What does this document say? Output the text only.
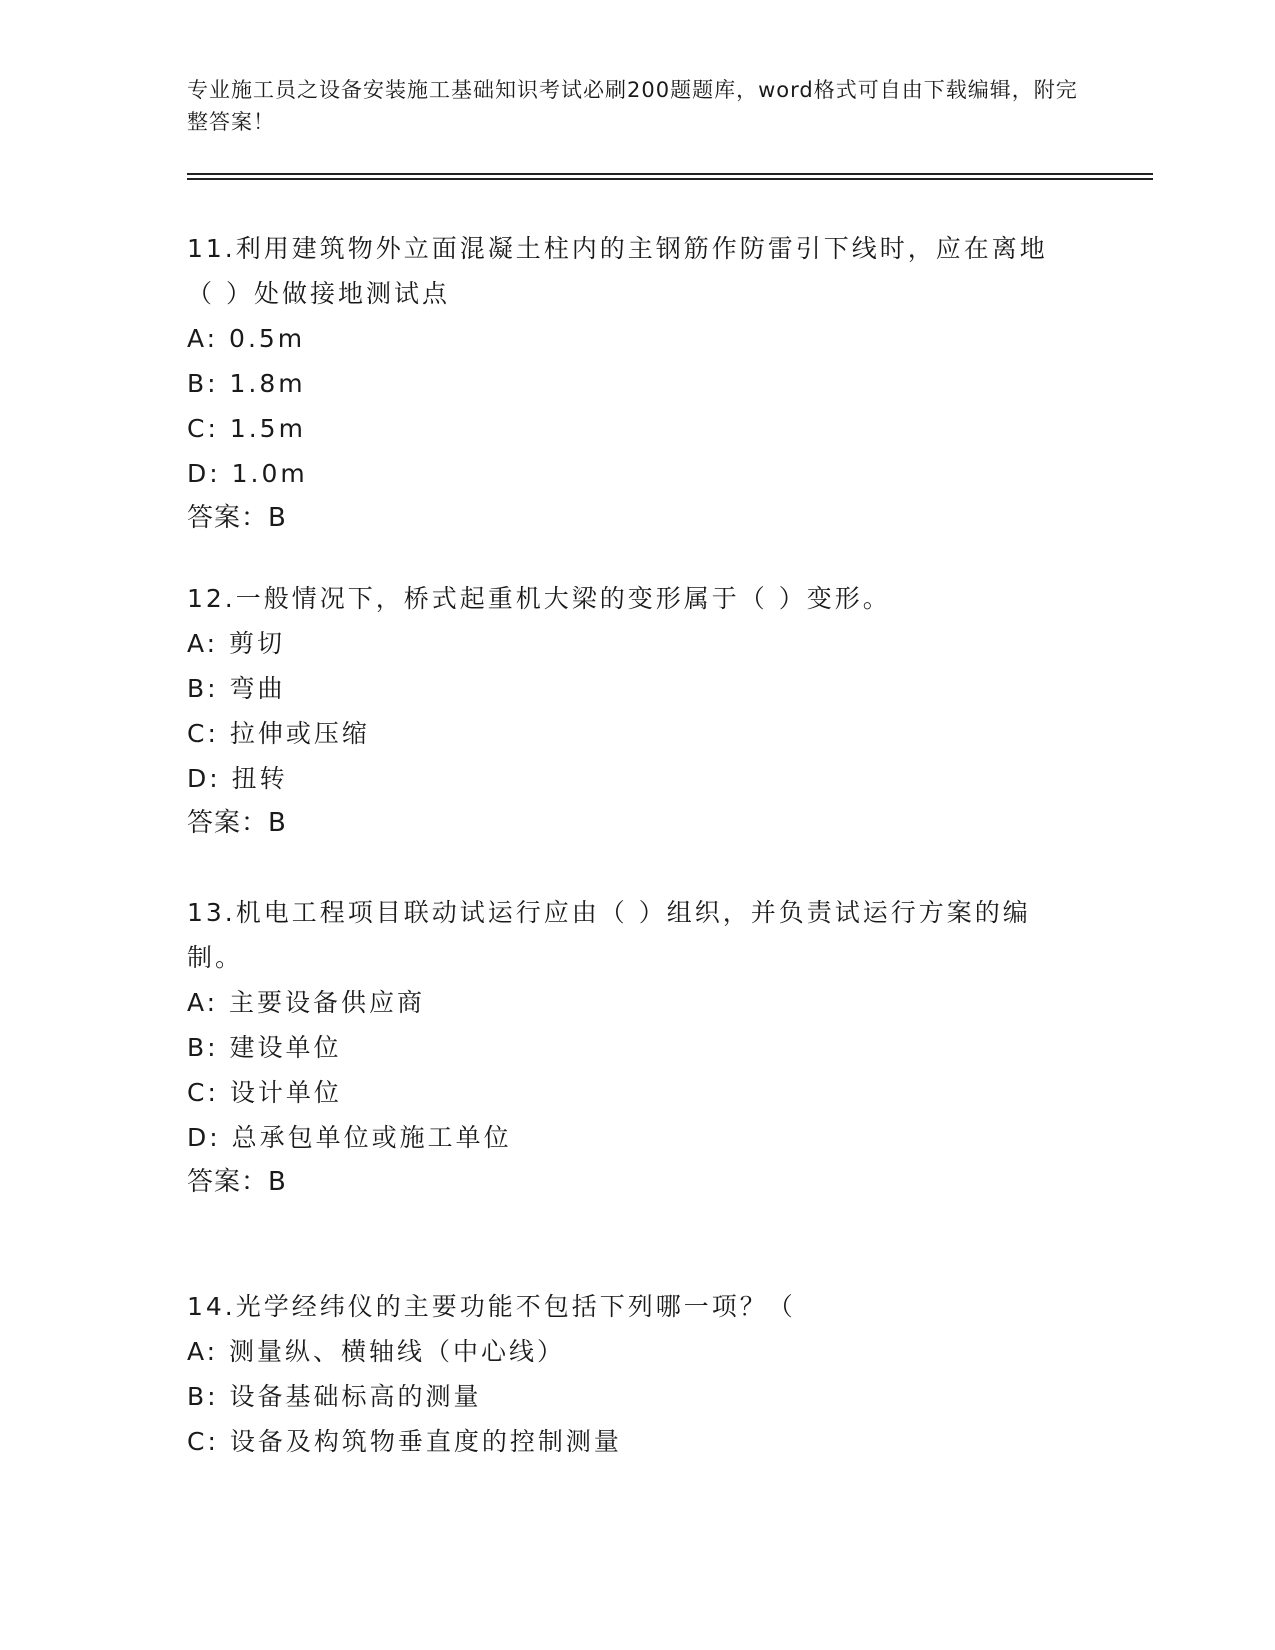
专业施工员之设备安装施工基础知识考试必刷200题题库，word格式可自由下载编辑，附完整答案！
11.利用建筑物外立面混凝土柱内的主钢筋作防雷引下线时，应在离地（ ）处做接地测试点
A: 0.5m
B: 1.8m
C: 1.5m
D: 1.0m
答案：B
12.一般情况下，桥式起重机大梁的变形属于（ ）变形。
A: 剪切
B: 弯曲
C: 拉伸或压缩
D: 扭转
答案：B
13.机电工程项目联动试运行应由（ ）组织，并负责试运行方案的编制。
A: 主要设备供应商
B: 建设单位
C: 设计单位
D: 总承包单位或施工单位
答案：B
14.光学经纬仪的主要功能不包括下列哪一项？（
A: 测量纵、横轴线（中心线）
B: 设备基础标高的测量
C: 设备及构筑物垂直度的控制测量
